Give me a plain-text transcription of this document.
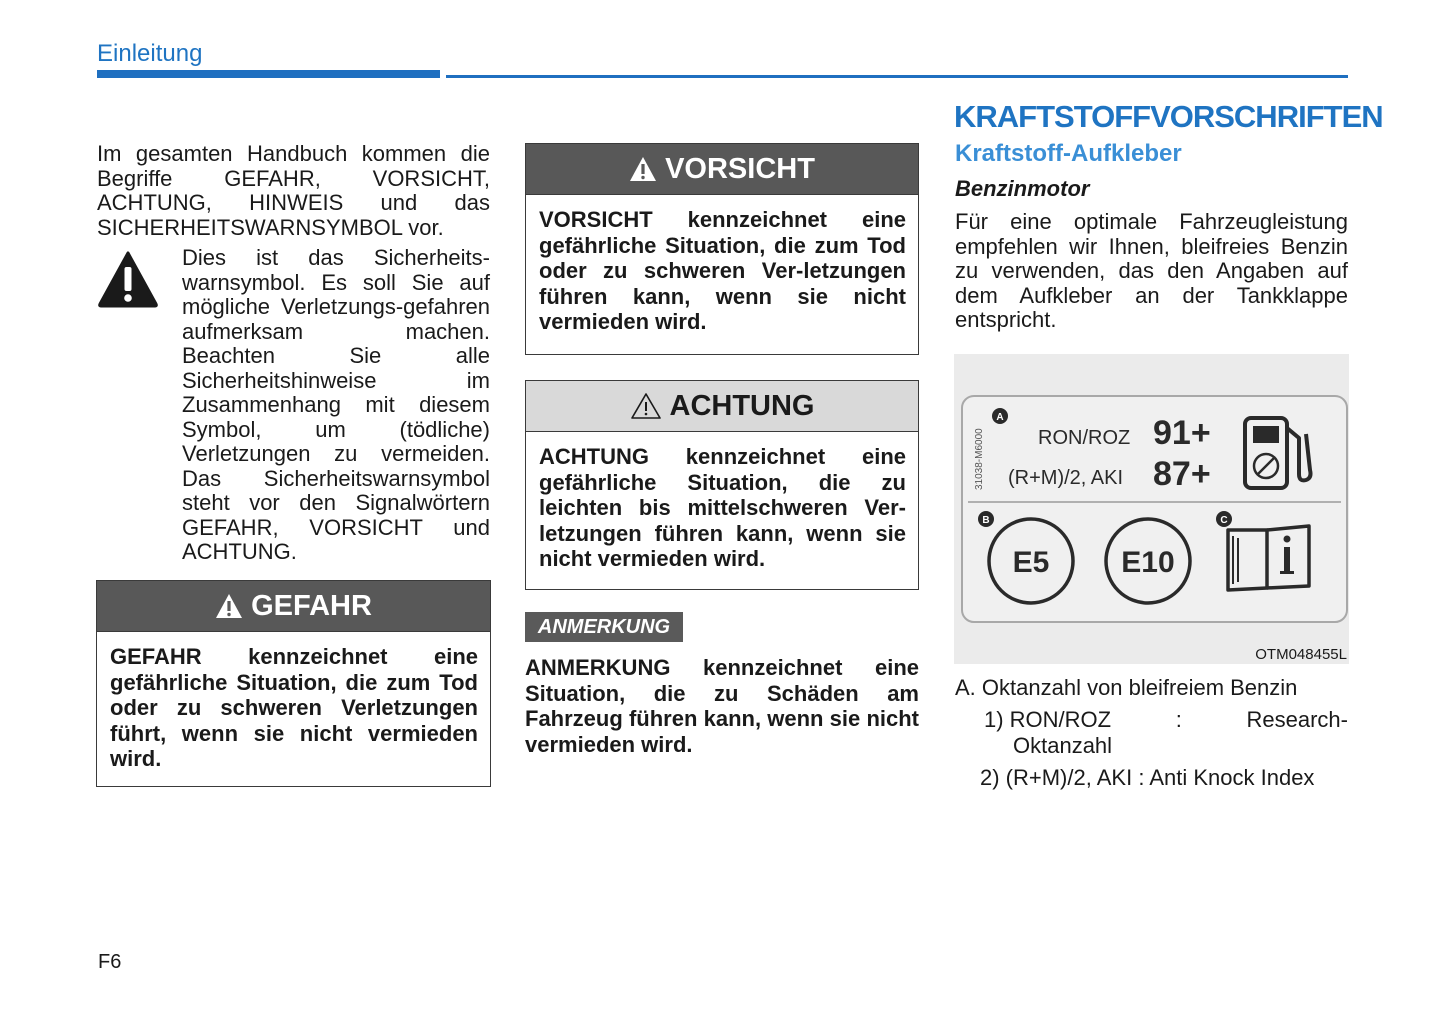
Einleitung
Im gesamten Handbuch kommen die Begriffe GEFAHR, VORSICHT, ACHTUNG, HINWEIS und das SICHERHEITSWARNSYMBOL vor.
Dies ist das Sicherheits-warnsymbol. Es soll Sie auf mögliche Verletzungs-gefahren aufmerksam machen. Beachten Sie alle Sicherheitshinweise im Zusammenhang mit diesem Symbol, um (tödliche) Verletzungen zu vermeiden. Das Sicherheitswarnsymbol steht vor den Signalwörtern GEFAHR, VORSICHT und ACHTUNG.
GEFAHR
GEFAHR kennzeichnet eine gefährliche Situation, die zum Tod oder zu schweren Verletzungen führt, wenn sie nicht vermieden wird.
VORSICHT
VORSICHT kennzeichnet eine gefährliche Situation, die zum Tod oder zu schweren Ver-letzungen führen kann, wenn sie nicht vermieden wird.
ACHTUNG
ACHTUNG kennzeichnet eine gefährliche Situation, die zu leichten bis mittelschweren Ver-letzungen führen kann, wenn sie nicht vermieden wird.
ANMERKUNG
ANMERKUNG kennzeichnet eine Situation, die zu Schäden am Fahrzeug führen kann, wenn sie nicht vermieden wird.
KRAFTSTOFFVORSCHRIFTEN
Kraftstoff-Aufkleber
Benzinmotor
Für eine optimale Fahrzeugleistung empfehlen wir Ihnen, bleifreies Benzin zu verwenden, das den Angaben auf dem Aufkleber an der Tankklappe entspricht.
31038-M6000
A
RON/ROZ 91+
(R+M)/2, AKI 87+
B
E5 E10
C
OTM048455L
A. Oktanzahl von bleifreiem Benzin
1) RON/ROZ	:	Research-
Oktanzahl
2) (R+M)/2, AKI : Anti Knock Index
F6
